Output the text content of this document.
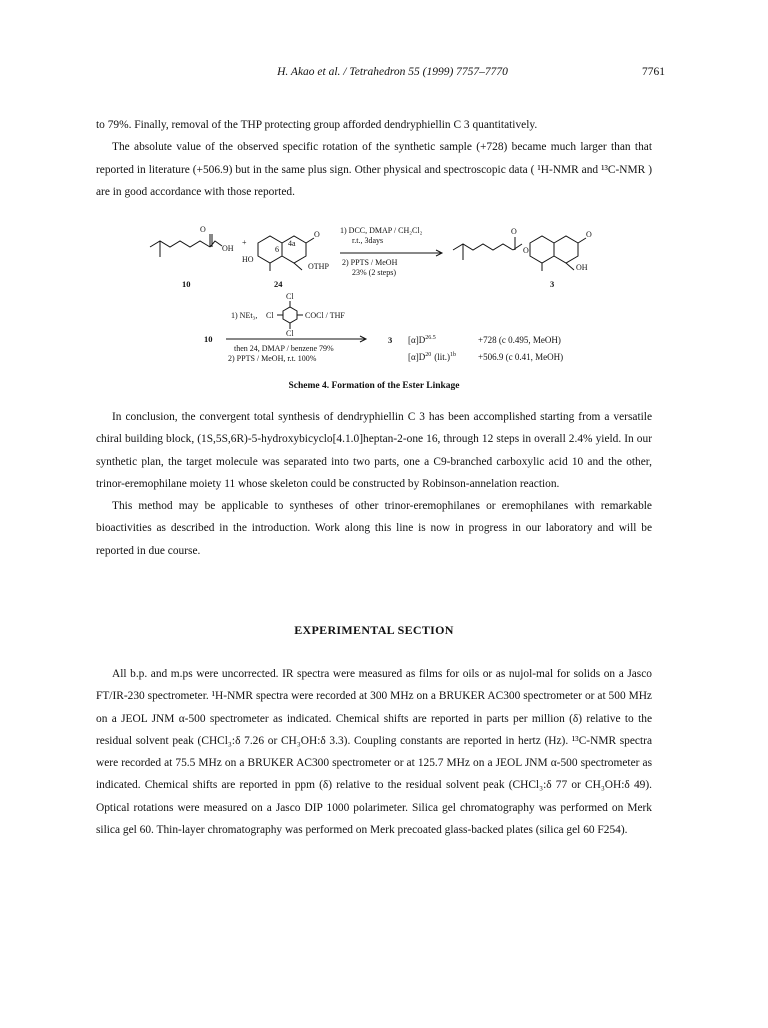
H. Akao et al. / Tetrahedron 55 (1999) 7757–7770	7761

to 79%. Finally, removal of the THP protecting group afforded dendryphiellin C 3 quantitatively.

The absolute value of the observed specific rotation of the synthetic sample (+728) became much larger than that reported in literature (+506.9) but in the same plus sign. Other physical and spectroscopic data ( ¹H-NMR and ¹³C-NMR ) are in good accordance with those reported.

O
OH
+
6
4a
HO
OTHP
O	1) DCC, DMAP / CH₂Cl₂
r.t., 3days
2) PPTS / MeOH
23% (2 steps)
O
O
OH
O
10	24	3
Cl
Cl
Cl	COCl / THF
1) NEt₃,
10
then 24, DMAP / benzene 79%
2) PPTS / MeOH, r.t. 100%
3 $[\alpha]D^{26.5}$	+728 (c 0.495, MeOH)
$[\alpha]D^{20}$ $(lit.)^{1b} +506.9$ (c 0.41, MeOH)
Scheme 4. Formation of the Ester Linkage

In conclusion, the convergent total synthesis of dendryphiellin C 3 has been accomplished starting from a versatile chiral building block, (1S,5S,6R)-5-hydroxybicyclo[4.1.0]heptan-2-one 16, through 12 steps in overall 2.4% yield. In our synthetic plan, the target molecule was separated into two parts, one a C9-branched carboxylic acid 10 and the other, trinor-eremophilane moiety 11 whose skeleton could be constructed by Robinson-annelation reaction.

This method may be applicable to syntheses of other trinor-eremophilanes or eremophilanes with remarkable bioactivities as described in the introduction. Work along this line is now in progress in our laboratory and will be reported in due course.

EXPERIMENTAL SECTION

All b.p. and m.ps were uncorrected. IR spectra were measured as films for oils or as nujol-mal for solids on a Jasco FT/IR-230 spectrometer. ¹H-NMR spectra were recorded at 300 MHz on a BRUKER AC300 spectrometer or at 500 MHz on a JEOL JNM α-500 spectrometer as indicated. Chemical shifts are reported in parts per million (δ) relative to the residual solvent peak (CHCl₃:δ 7.26 or CH₃OH:δ 3.3). Coupling constants are reported in hertz (Hz). ¹³C-NMR spectra were recorded at 75.5 MHz on a BRUKER AC300 spectrometer or at 125.7 MHz on a JEOL JNM α-500 spectrometer as indicated. Chemical shifts are reported in ppm (δ) relative to the residual solvent peak (CHCl₃:δ 77 or CH₃OH:δ 49). Optical rotations were measured on a Jasco DIP 1000 polarimeter. Silica gel chromatography was performed on Merk silica gel 60. Thin-layer chromatography was performed on Merk precoated glass-backed plates (silica gel 60 F254).
